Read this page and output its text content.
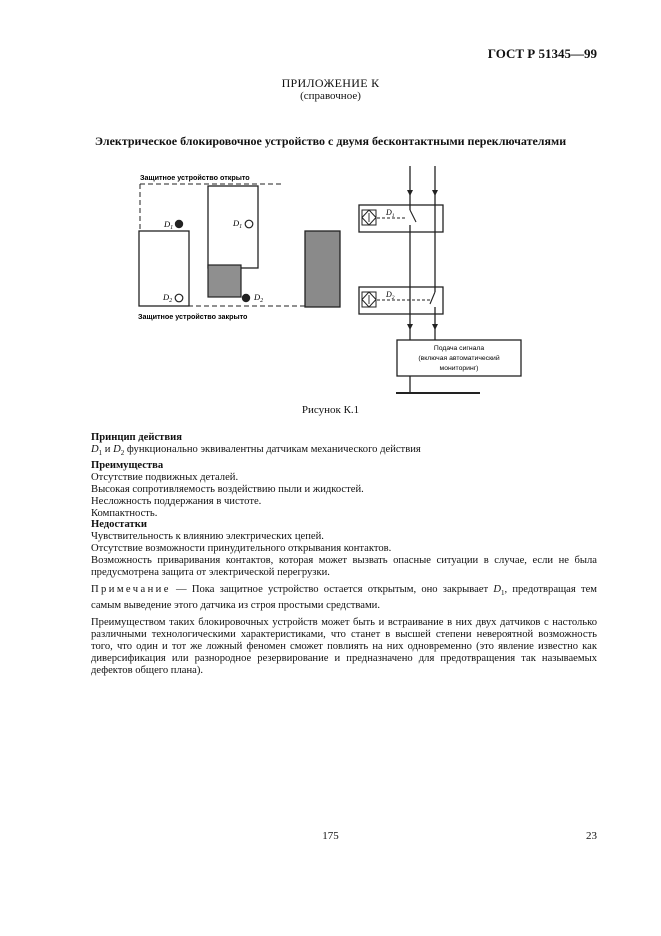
ГОСТ Р 51345—99
ПРИЛОЖЕНИЕ К
(справочное)
Электрическое блокировочное устройство с двумя бесконтактными переключателями
Защитное устройство открыто
Защитное устройство закрыто
$D_1$
$D_2$
$D_1$
$D_2$
$D_1$
$D_2$
Подача сигнала
(включая автоматический
мониторинг)
Рисунок К.1

Принцип действия

$D_1$ и $D_2$ функционально эквивалентны датчикам механического действия

Преимущества

Отсутствие подвижных деталей.

Высокая сопротивляемость воздействию пыли и жидкостей.

Несложность поддержания в чистоте.

Компактность.

Недостатки

Чувствительность к влиянию электрических цепей.

Отсутствие возможности принудительного открывания контактов.

Возможность приваривания контактов, которая может вызвать опасные ситуации в случае, если не была предусмотрена защита от электрической перегрузки.

Примечание — Пока защитное устройство остается открытым, оно закрывает $D_1$, предотвращая тем самым выведение этого датчика из строя простыми средствами.

Преимуществом таких блокировочных устройств может быть и встраивание в них двух датчиков с настолько различными технологическими характеристиками, что станет в высшей степени невероятной возможность того, что один и тот же ложный феномен сможет повлиять на них одновременно (это явление известно как диверсификация или разнородное резервирование и предназначено для предотвращения так называемых дефектов общего плана).

175	23
